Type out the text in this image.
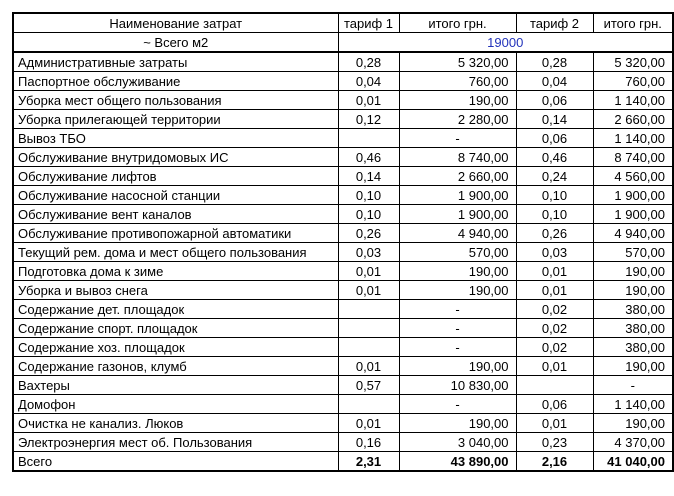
Наименование затрат	тариф 1	итого грн.	тариф 2	итого грн.
~ Всего м2	19000			
Административные затраты	0,28	5 320,00	0,28	5 320,00
Паспортное обслуживание	0,04	760,00	0,04	760,00
Уборка мест общего пользования	0,01	190,00	0,06	1 140,00
Уборка прилегающей территории	0,12	2 280,00	0,14	2 660,00
Вывоз ТБО		-	0,06	1 140,00
Обслуживание внутридомовых ИС	0,46	8 740,00	0,46	8 740,00
Обслуживание лифтов	0,14	2 660,00	0,24	4 560,00
Обслуживание насосной станции	0,10	1 900,00	0,10	1 900,00
Обслуживание вент каналов	0,10	1 900,00	0,10	1 900,00
Обслуживание противопожарной автоматики	0,26	4 940,00	0,26	4 940,00
Текущий рем. дома и мест общего пользования	0,03	570,00	0,03	570,00
Подготовка дома к зиме	0,01	190,00	0,01	190,00
Уборка и вывоз снега	0,01	190,00	0,01	190,00
Содержание дет. площадок		-	0,02	380,00
Содержание спорт. площадок		-	0,02	380,00
Содержание хоз. площадок		-	0,02	380,00
Содержание газонов, клумб	0,01	190,00	0,01	190,00
Вахтеры	0,57	10 830,00		-
Домофон		-	0,06	1 140,00
Очистка не канализ. Люков	0,01	190,00	0,01	190,00
Электроэнергия мест об. Пользования	0,16	3 040,00	0,23	4 370,00
Всего	2,31	43 890,00	2,16	41 040,00
